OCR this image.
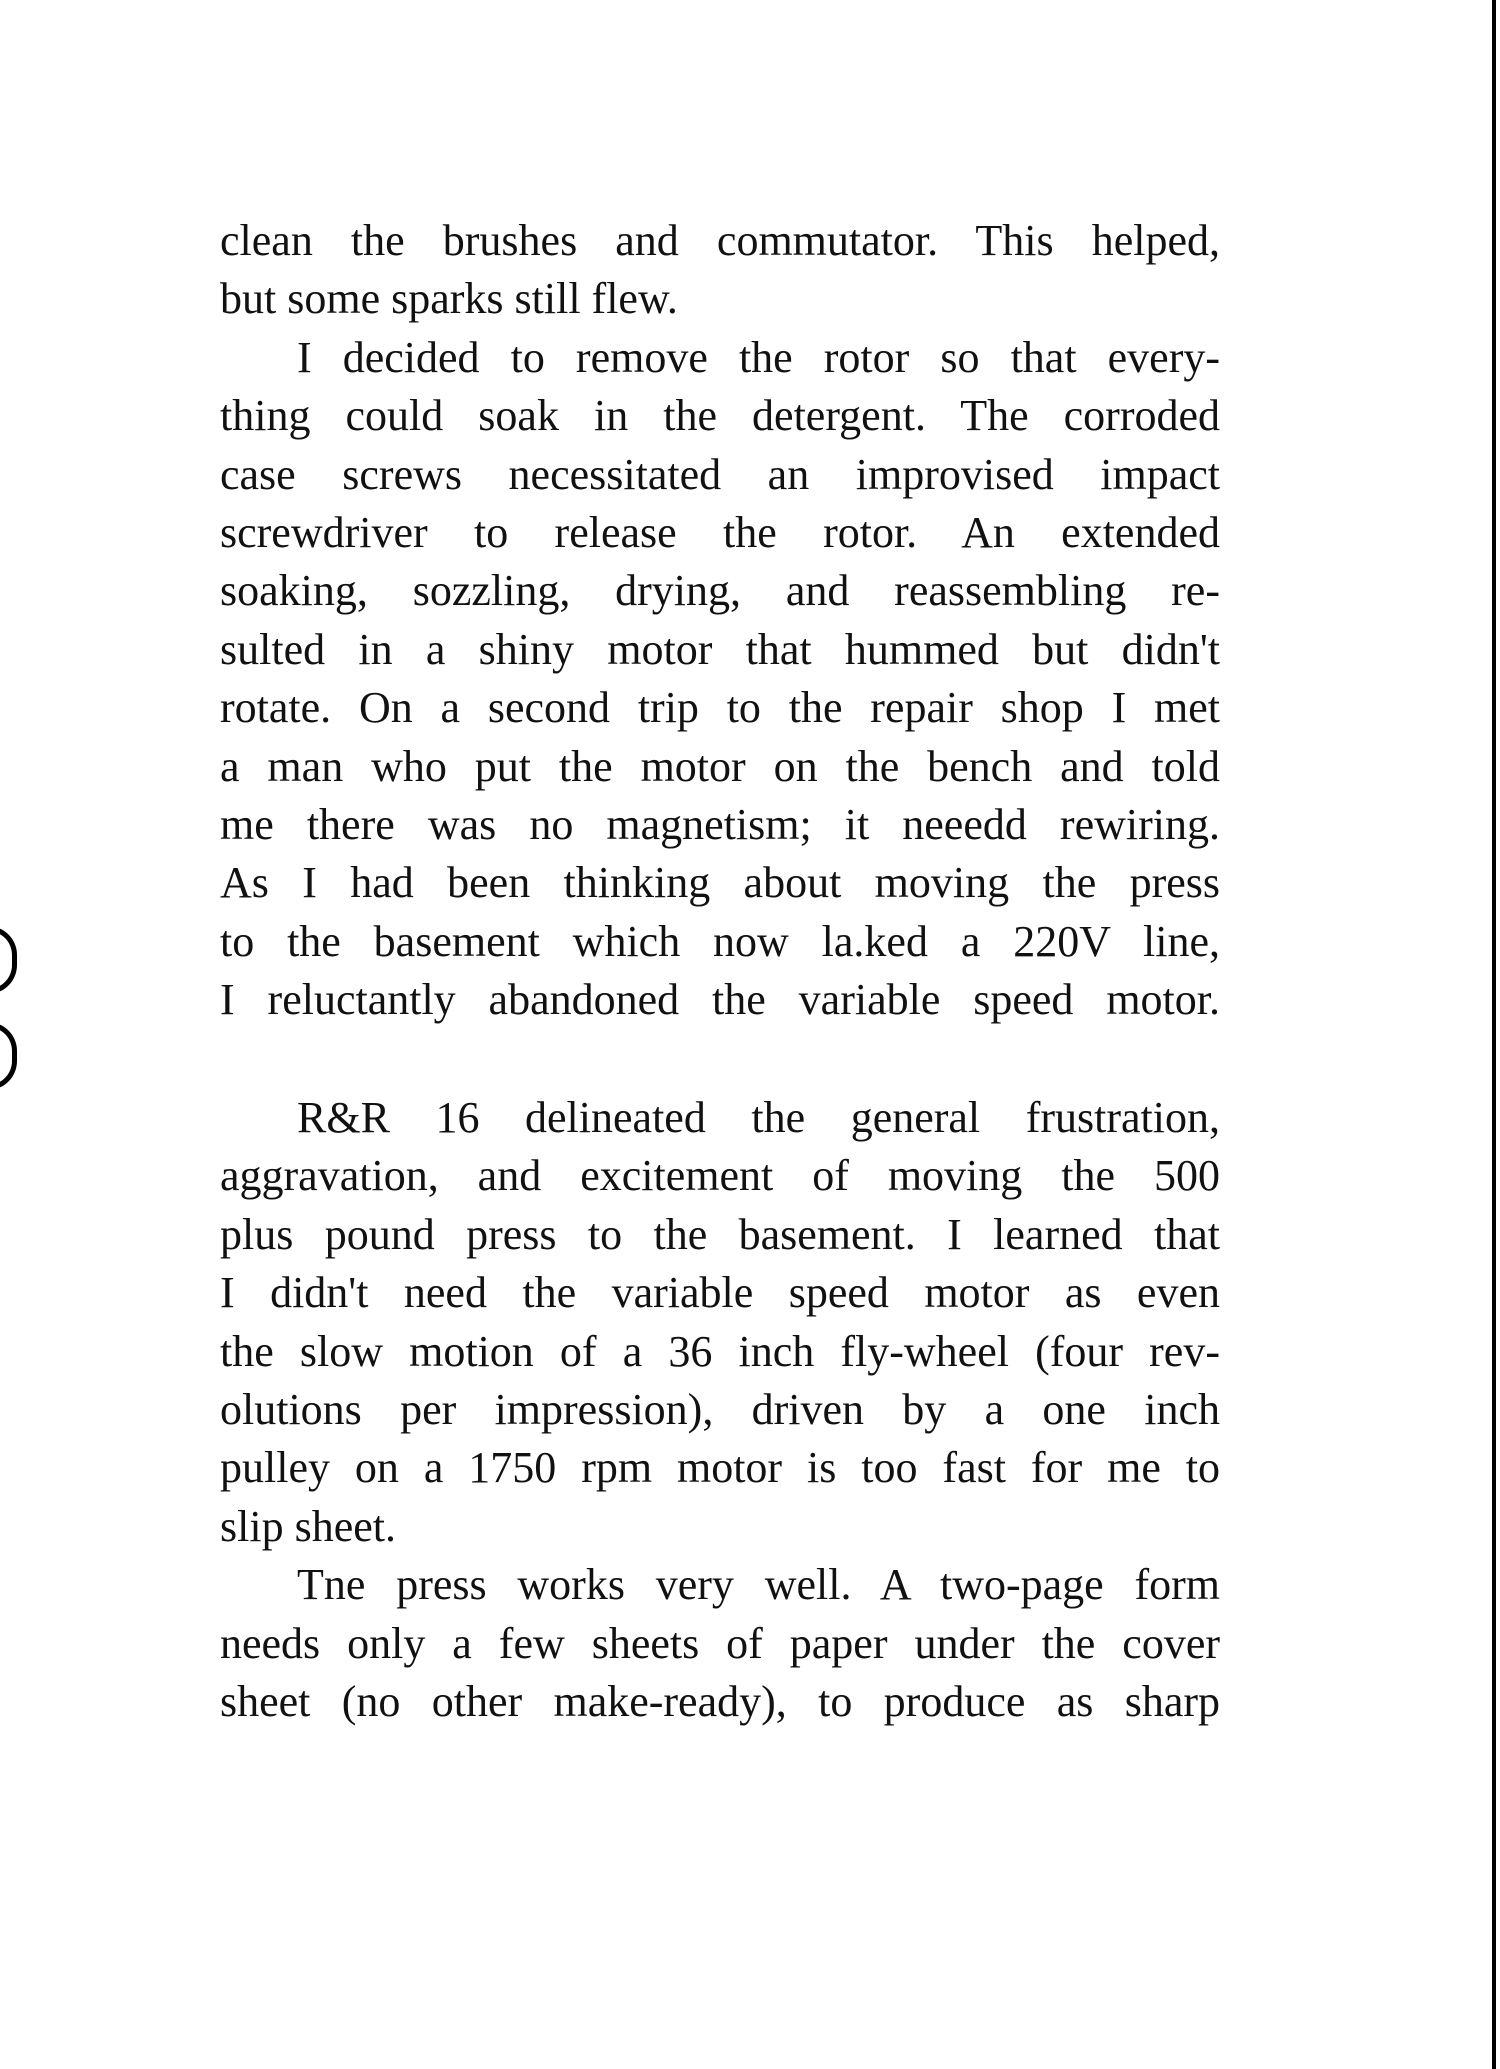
clean the brushes and commutator. This helped,
but some sparks still flew.
I decided to remove the rotor so that every-
thing could soak in the detergent. The corroded
case screws necessitated an improvised impact
screwdriver to release the rotor. An extended
soaking, sozzling, drying, and reassembling re-
sulted in a shiny motor that hummed but didn't
rotate. On a second trip to the repair shop I met
a man who put the motor on the bench and told
me there was no magnetism; it neeedd rewiring.
As I had been thinking about moving the press
to the basement which now la.ked a 220V line,
I reluctantly abandoned the variable speed motor.
R&R 16 delineated the general frustration,
aggravation, and excitement of moving the 500
plus pound press to the basement. I learned that
I didn't need the variable speed motor as even
the slow motion of a 36 inch fly-wheel (four rev-
olutions per impression), driven by a one inch
pulley on a 1750 rpm motor is too fast for me to
slip sheet.
Tne press works very well. A two-page form
needs only a few sheets of paper under the cover
sheet (no other make-ready), to produce as sharp
